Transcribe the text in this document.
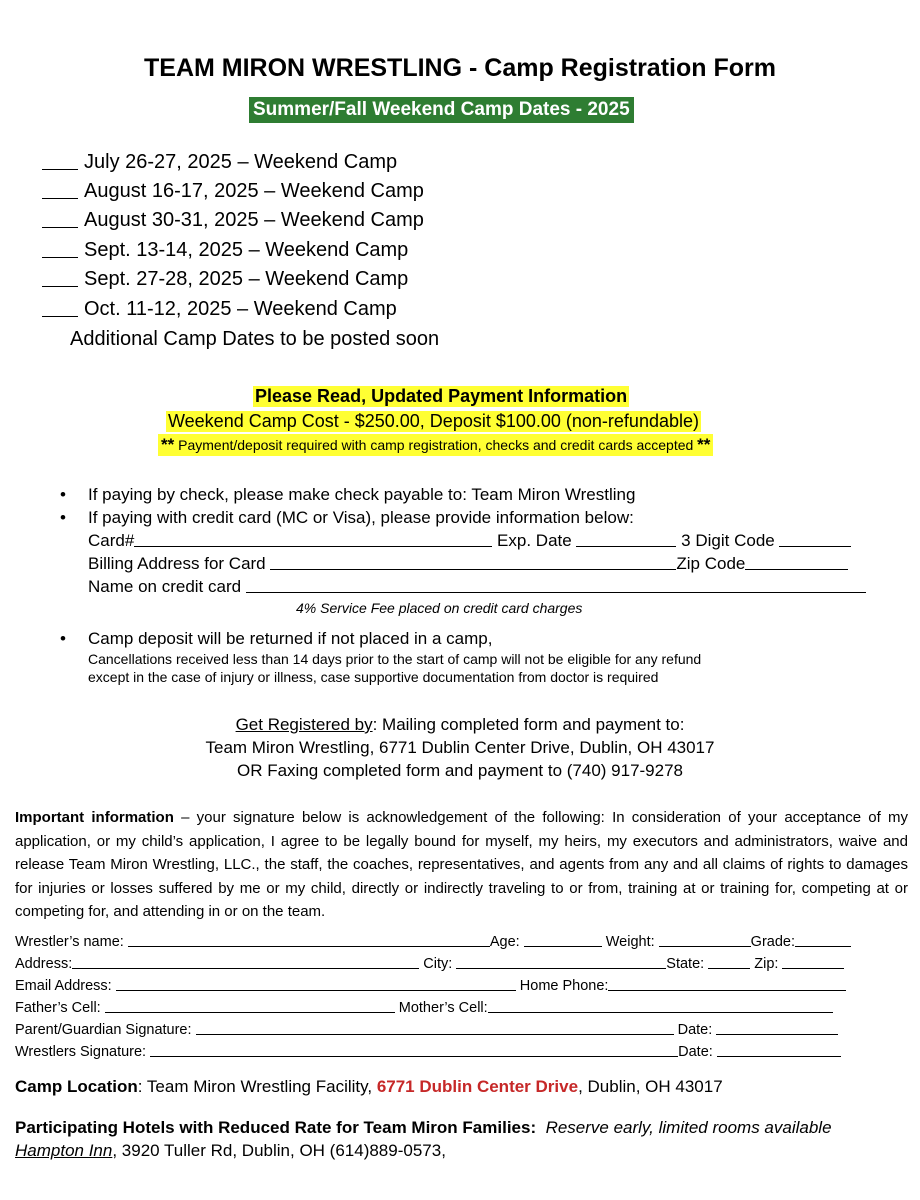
TEAM MIRON WRESTLING - Camp Registration Form
Summer/Fall Weekend Camp Dates - 2025
July 26-27, 2025 – Weekend Camp
August 16-17, 2025 – Weekend Camp
August 30-31, 2025 – Weekend Camp
Sept. 13-14, 2025 – Weekend Camp
Sept. 27-28, 2025 – Weekend Camp
Oct. 11-12, 2025 – Weekend Camp
Additional Camp Dates to be posted soon
Please Read, Updated Payment Information
Weekend Camp Cost - $250.00, Deposit $100.00 (non-refundable)
** Payment/deposit required with camp registration, checks and credit cards accepted **
• If paying by check, please make check payable to: Team Miron Wrestling
• If paying with credit card (MC or Visa), please provide information below:
Card#	Exp. Date	3 Digit Code
Billing Address for Card	Zip Code
Name on credit card
4% Service Fee placed on credit card charges
• Camp deposit will be returned if not placed in a camp,
Cancellations received less than 14 days prior to the start of camp will not be eligible for any refund
except in the case of injury or illness, case supportive documentation from doctor is required
Get Registered by: Mailing completed form and payment to:
Team Miron Wrestling, 6771 Dublin Center Drive, Dublin, OH 43017
OR Faxing completed form and payment to (740) 917-9278
Important information – your signature below is acknowledgement of the following: In consideration of your acceptance of my application, or my child’s application, I agree to be legally bound for myself, my heirs, my executors and administrators, waive and release Team Miron Wrestling, LLC., the staff, the coaches, representatives, and agents from any and all claims of rights to damages for injuries or losses suffered by me or my child, directly or indirectly traveling to or from, training at or training for, competing at or competing for, and attending in or on the team.
Wrestler’s name:	Age:	Weight:	Grade:
Address:	City:	State:	Zip:
Email Address:	Home Phone:
Father’s Cell:	Mother’s Cell:
Parent/Guardian Signature:	Date:
Wrestlers Signature:	Date:
Camp Location: Team Miron Wrestling Facility, 6771 Dublin Center Drive, Dublin, OH 43017
Participating Hotels with Reduced Rate for Team Miron Families: Reserve early, limited rooms available
Hampton Inn, 3920 Tuller Rd, Dublin, OH (614)889-0573,
